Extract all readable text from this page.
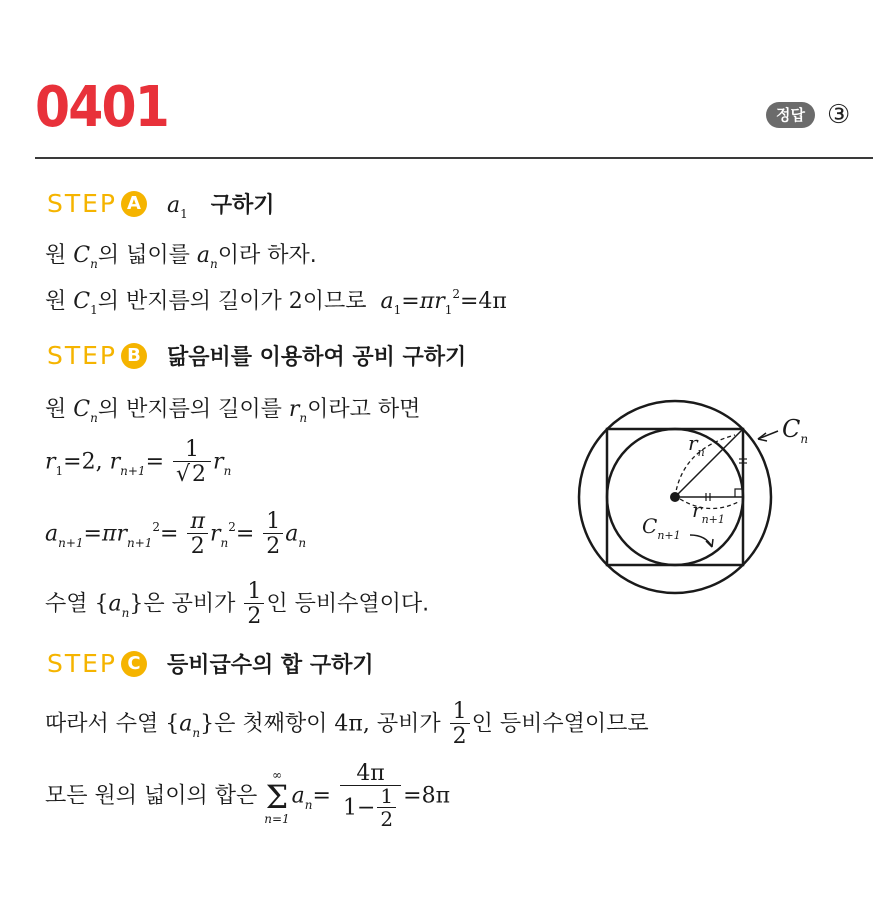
0401	정답 ③
STEP A $a_1$ 구하기
원 $C_n$의 넓이를 $a_n$이라 하자.
원 $C_1$의 반지름의 길이가 2이므로 $a_1=\pi r_1^2=4\pi$
STEP B 닮음비를 이용하여 공비 구하기
원 $C_n$의 반지름의 길이를 $r_n$이라고 하면
$r_1=2$, $r_{n+1}= \frac{1}{√2} r_n$
$a_{n+1}=\pi r_{n+1}^2= \frac{\pi}{2} r_n^2= \frac{1}{2} a_n$
수열 $\{a_n\}$은 공비가 $\frac{1}{2}$ 인 등비수열이다.
$C_n$
$r_n$
$r_{n+1}$
$C_{n+1}$
STEP C 등비급수의 합 구하기
따라서 수열 $\{a_n\}$은 첫째항이 4π, 공비가 $\frac{1}{2}$ 인 등비수열이므로
모든 원의 넓이의 합은
∞
Σ
n=1
$a_n= \frac{4\pi}{1- \frac{1}{2}} =8\pi$
